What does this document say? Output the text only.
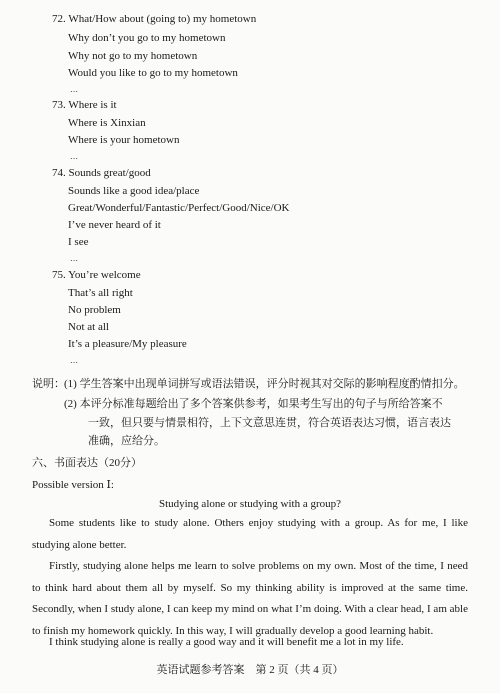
72. What/How about (going to) my hometown
Why don’t you go to my hometown
Why not go to my hometown
Would you like to go to my hometown
…
73. Where is it
Where is Xinxian
Where is your hometown
…
74. Sounds great/good
Sounds like a good idea/place
Great/Wonderful/Fantastic/Perfect/Good/Nice/OK
I’ve never heard of it
I see
…
75. You’re welcome
That’s all right
No problem
Not at all
It’s a pleasure/My pleasure
…
说明： (1) 学生答案中出现单词拼写或语法错误，评分时视其对交际的影响程度酌情扣分。
(2) 本评分标准每题给出了多个答案供参考，如果考生写出的句子与所给答案不
一致，但只要与情景相符，上下文意思连贯，符合英语表达习惯，语言表达
准确，应给分。
六、书面表达（20分）
Possible version Ⅰ:
Studying alone or studying with a group?
Some students like to study alone. Others enjoy studying with a group. As for me, I like studying alone better.
Firstly, studying alone helps me learn to solve problems on my own. Most of the time, I need to think hard about them all by myself. So my thinking ability is improved at the same time. Secondly, when I study alone, I can keep my mind on what I’m doing. With a clear head, I am able to finish my homework quickly. In this way, I will gradually develop a good learning habit.
I think studying alone is really a good way and it will benefit me a lot in my life.
英语试题参考答案　第 2 页（共 4 页）
